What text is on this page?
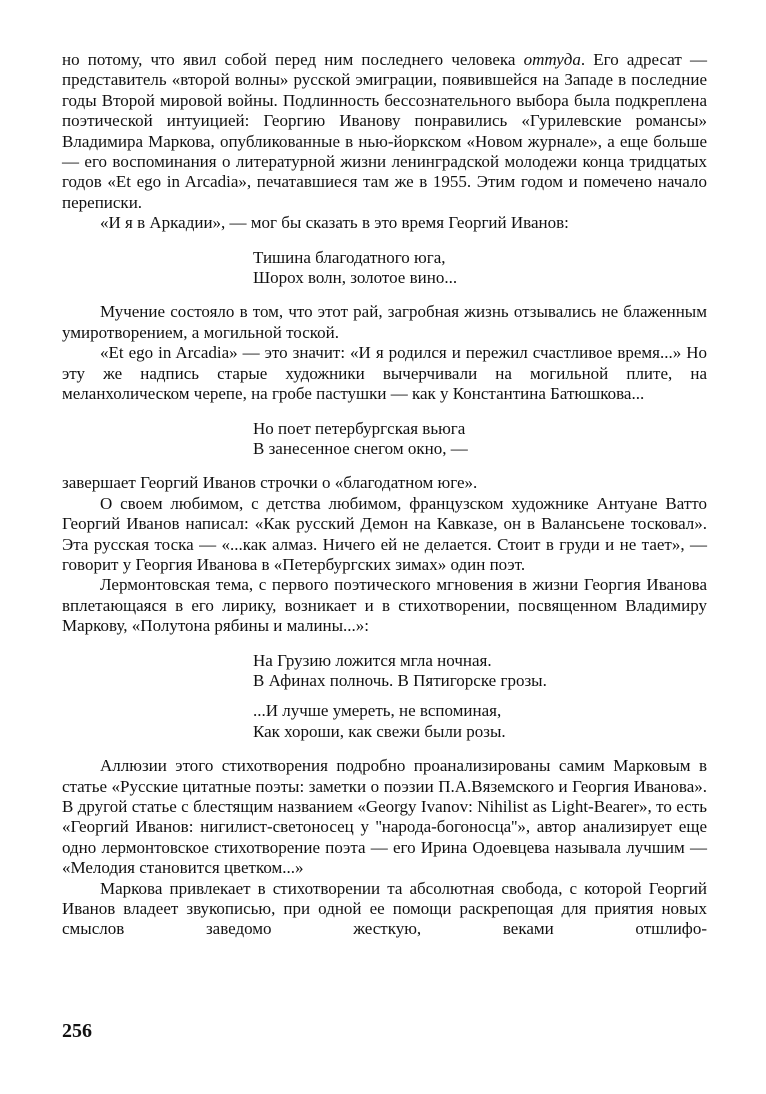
но потому, что явил собой перед ним последнего человека оттуда. Его адресат — представитель «второй волны» русской эмиграции, появившейся на Западе в последние годы Второй мировой войны. Подлинность бессознательного выбора была подкреплена поэтической интуицией: Георгию Иванову понравились «Гурилевские романсы» Владимира Маркова, опубликованные в нью-йоркском «Новом журнале», а еще больше — его воспоминания о литературной жизни ленинградской молодежи конца тридцатых годов «Et ego in Arcadia», печатавшиеся там же в 1955. Этим годом и помечено начало переписки.

«И я в Аркадии», — мог бы сказать в это время Георгий Иванов:

Тишина благодатного юга,
Шорох волн, золотое вино...

Мучение состояло в том, что этот рай, загробная жизнь отзывались не блаженным умиротворением, а могильной тоской.

«Et ego in Arcadia» — это значит: «И я родился и пережил счастливое время...» Но эту же надпись старые художники вычерчивали на могильной плите, на меланхолическом черепе, на гробе пастушки — как у Константина Батюшкова...

Но поет петербургская вьюга
В занесенное снегом окно, —

завершает Георгий Иванов строчки о «благодатном юге».

О своем любимом, с детства любимом, французском художнике Антуане Ватто Георгий Иванов написал: «Как русский Демон на Кавказе, он в Валансьене тосковал». Эта русская тоска — «...как алмаз. Ничего ей не делается. Стоит в груди и не тает», — говорит у Георгия Иванова в «Петербургских зимах» один поэт.

Лермонтовская тема, с первого поэтического мгновения в жизни Георгия Иванова вплетающаяся в его лирику, возникает и в стихотворении, посвященном Владимиру Маркову, «Полутона рябины и малины...»:

На Грузию ложится мгла ночная.
В Афинах полночь. В Пятигорске грозы.
...И лучше умереть, не вспоминая,
Как хороши, как свежи были розы.

Аллюзии этого стихотворения подробно проанализированы самим Марковым в статье «Русские цитатные поэты: заметки о поэзии П.А.Вяземского и Георгия Иванова». В другой статье с блестящим названием «Georgy Ivanov: Nihilist as Light-Bearer», то есть «Георгий Иванов: нигилист-светоносец у ''народа-богоносца''», автор анализирует еще одно лермонтовское стихотворение поэта — его Ирина Одоевцева называла лучшим — «Мелодия становится цветком...»

Маркова привлекает в стихотворении та абсолютная свобода, с которой Георгий Иванов владеет звукописью, при одной ее помощи раскрепощая для приятия новых смыслов заведомо жесткую, веками отшлифо-

256
